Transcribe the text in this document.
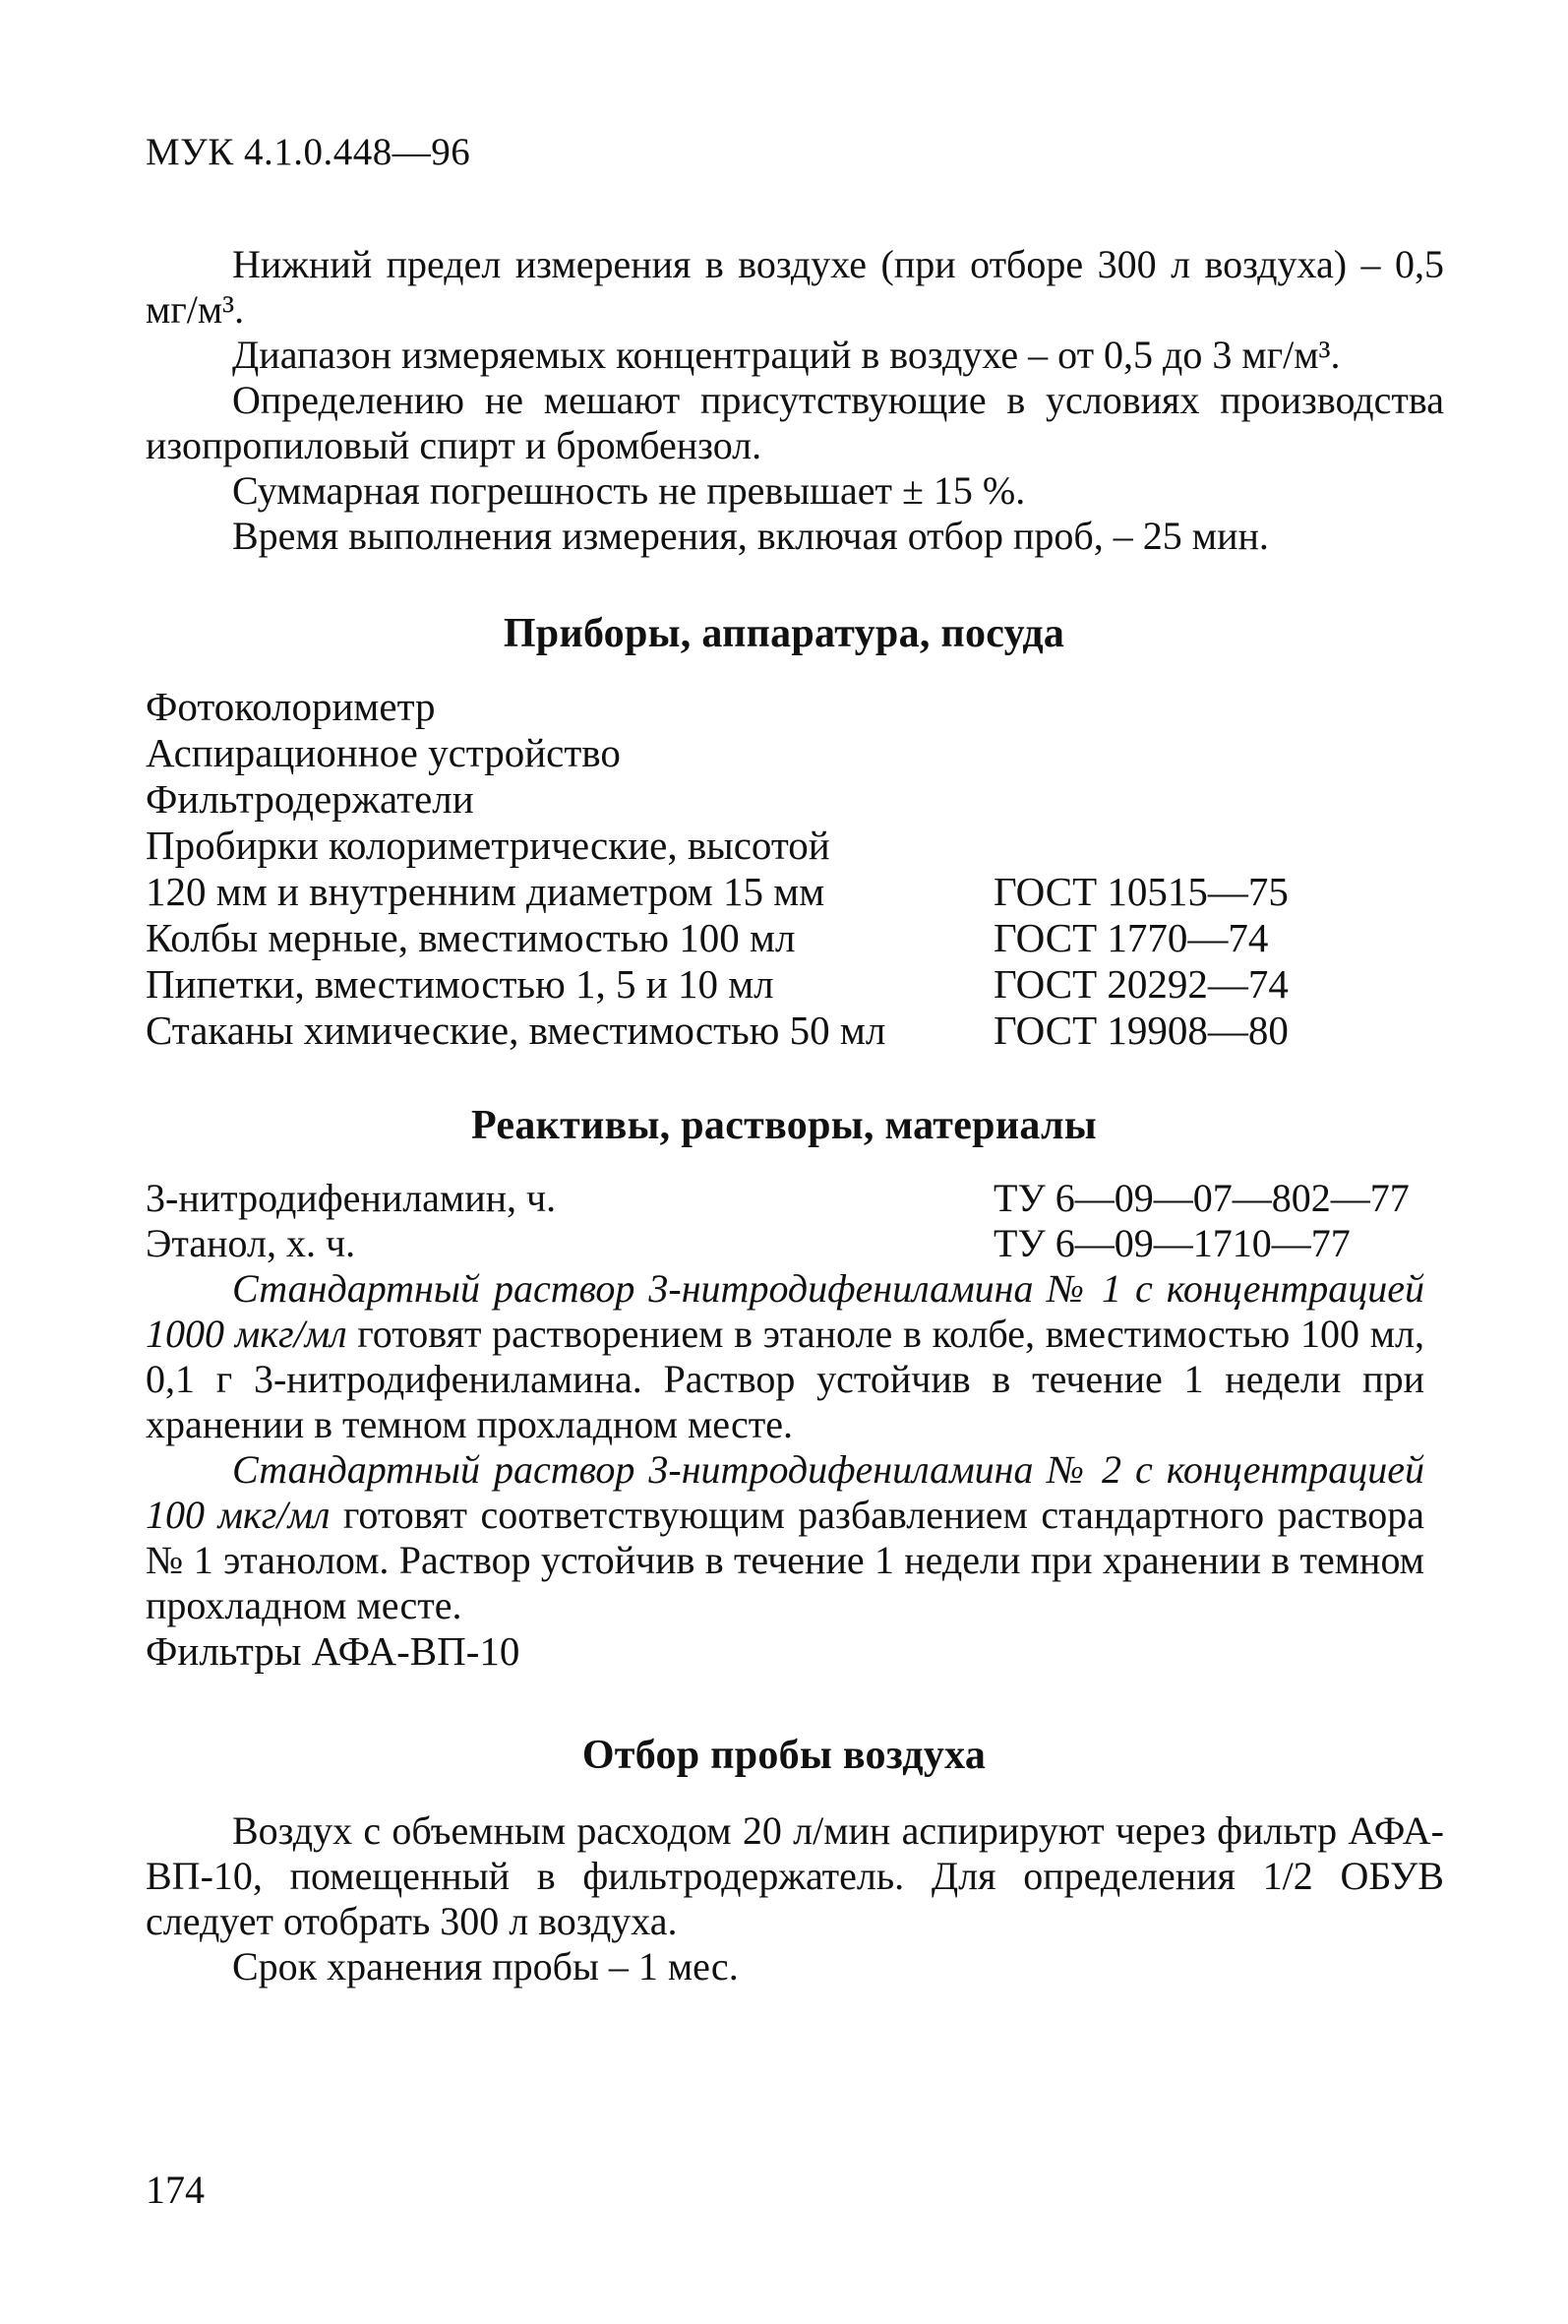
МУК 4.1.0.448—96

Нижний предел измерения в воздухе (при отборе 300 л воздуха) – 0,5 мг/м³.

Диапазон измеряемых концентраций в воздухе – от 0,5 до 3 мг/м³.

Определению не мешают присутствующие в условиях производства изопропиловый спирт и бромбензол.

Суммарная погрешность не превышает ± 15 %.

Время выполнения измерения, включая отбор проб, – 25 мин.

Приборы, аппаратура, посуда
Фотоколориметр
Аспирационное устройство
Фильтродержатели
Пробирки колориметрические, высотой
120 мм и внутренним диаметром 15 мм	ГОСТ 10515—75
Колбы мерные, вместимостью 100 мл	ГОСТ 1770—74
Пипетки, вместимостью 1, 5 и 10 мл	ГОСТ 20292—74
Стаканы химические, вместимостью 50 мл	ГОСТ 19908—80
Реактивы, растворы, материалы
3-нитродифениламин, ч.	ТУ 6—09—07—802—77
Этанол, х. ч.	ТУ 6—09—1710—77

Стандартный раствор 3-нитродифениламина № 1 с концентрацией 1000 мкг/мл готовят растворением в этаноле в колбе, вместимостью 100 мл, 0,1 г 3-нитродифениламина. Раствор устойчив в течение 1 недели при хранении в темном прохладном месте.

Стандартный раствор 3-нитродифениламина № 2 с концентрацией 100 мкг/мл готовят соответствующим разбавлением стандартного раствора № 1 этанолом. Раствор устойчив в течение 1 недели при хранении в темном прохладном месте.

Фильтры АФА-ВП-10

Отбор пробы воздуха

Воздух с объемным расходом 20 л/мин аспирируют через фильтр АФА-ВП-10, помещенный в фильтродержатель. Для определения 1/2 ОБУВ следует отобрать 300 л воздуха.

Срок хранения пробы – 1 мес.

174
